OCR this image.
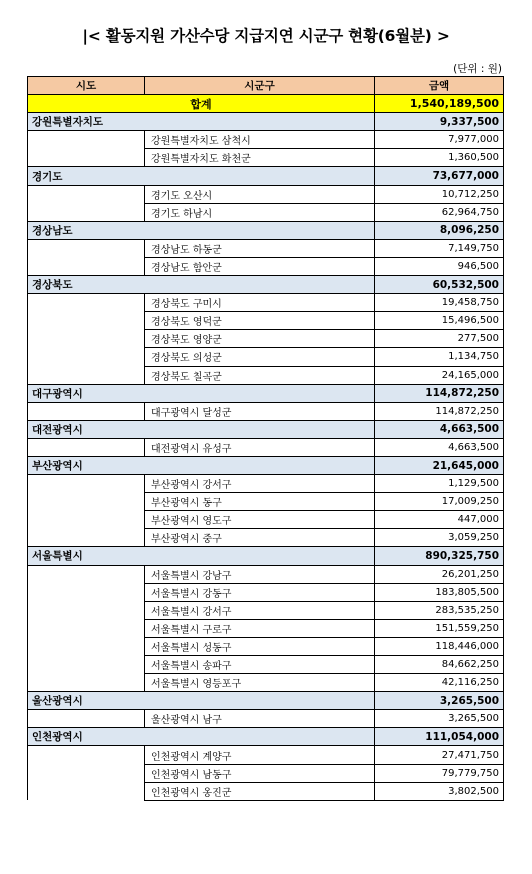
|< 활동지원 가산수당 지급지연 시군구 현황(6월분) >
(단위 : 원)
시도	시군구	금액
합계		1,540,189,500
강원특별자치도		9,337,500
	강원특별자치도 삼척시	7,977,000
	강원특별자치도 화천군	1,360,500
경기도		73,677,000
	경기도 오산시	10,712,250
	경기도 하남시	62,964,750
경상남도		8,096,250
	경상남도 하동군	7,149,750
	경상남도 함안군	946,500
경상북도		60,532,500
	경상북도 구미시	19,458,750
	경상북도 영덕군	15,496,500
	경상북도 영양군	277,500
	경상북도 의성군	1,134,750
	경상북도 칠곡군	24,165,000
대구광역시		114,872,250
	대구광역시 달성군	114,872,250
대전광역시		4,663,500
	대전광역시 유성구	4,663,500
부산광역시		21,645,000
	부산광역시 강서구	1,129,500
	부산광역시 동구	17,009,250
	부산광역시 영도구	447,000
	부산광역시 중구	3,059,250
서울특별시		890,325,750
	서울특별시 강남구	26,201,250
	서울특별시 강동구	183,805,500
	서울특별시 강서구	283,535,250
	서울특별시 구로구	151,559,250
	서울특별시 성동구	118,446,000
	서울특별시 송파구	84,662,250
	서울특별시 영등포구	42,116,250
울산광역시		3,265,500
	울산광역시 남구	3,265,500
인천광역시		111,054,000
	인천광역시 계양구	27,471,750
	인천광역시 남동구	79,779,750
	인천광역시 옹진군	3,802,500
